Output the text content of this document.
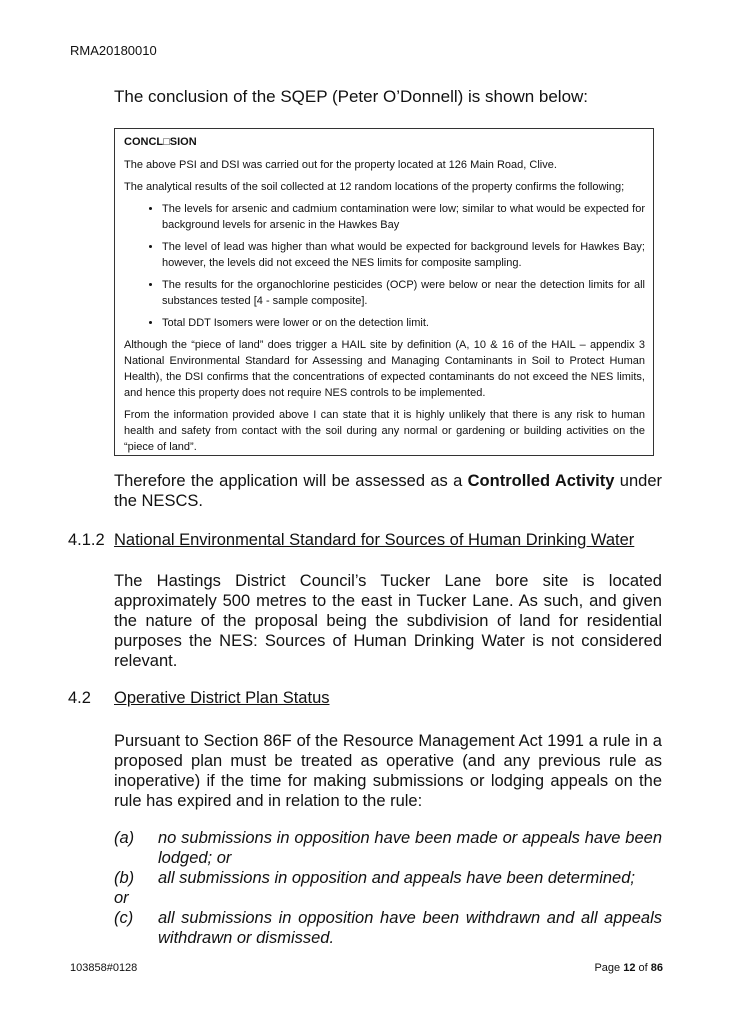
RMA20180010
The conclusion of the SQEP (Peter O’Donnell) is shown below:
CONCL□SION

The above PSI and DSI was carried out for the property located at 126 Main Road, Clive.

The analytical results of the soil collected at 12 random locations of the property confirms the following;

• The levels for arsenic and cadmium contamination were low; similar to what would be expected for background levels for arsenic in the Hawkes Bay
• The level of lead was higher than what would be expected for background levels for Hawkes Bay; however, the levels did not exceed the NES limits for composite sampling.
• The results for the organochlorine pesticides (OCP) were below or near the detection limits for all substances tested [4 - sample composite].
• Total DDT Isomers were lower or on the detection limit.

Although the “piece of land” does trigger a HAIL site by definition (A, 10 & 16 of the HAIL – appendix 3 National Environmental Standard for Assessing and Managing Contaminants in Soil to Protect Human Health), the DSI confirms that the concentrations of expected contaminants do not exceed the NES limits, and hence this property does not require NES controls to be implemented.

From the information provided above I can state that it is highly unlikely that there is any risk to human health and safety from contact with the soil during any normal or gardening or building activities on the “piece of land”.

Therefore the application will be assessed as a Controlled Activity under the NESCS.
4.1.2 National Environmental Standard for Sources of Human Drinking Water
The Hastings District Council’s Tucker Lane bore site is located approximately 500 metres to the east in Tucker Lane. As such, and given the nature of the proposal being the subdivision of land for residential purposes the NES: Sources of Human Drinking Water is not considered relevant.
4.2 Operative District Plan Status
Pursuant to Section 86F of the Resource Management Act 1991 a rule in a proposed plan must be treated as operative (and any previous rule as inoperative) if the time for making submissions or lodging appeals on the rule has expired and in relation to the rule:
(a) no submissions in opposition have been made or appeals have been lodged; or
(b) all submissions in opposition and appeals have been determined;
or
(c) all submissions in opposition have been withdrawn and all appeals withdrawn or dismissed.
103858#0128	Page 12 of 86
